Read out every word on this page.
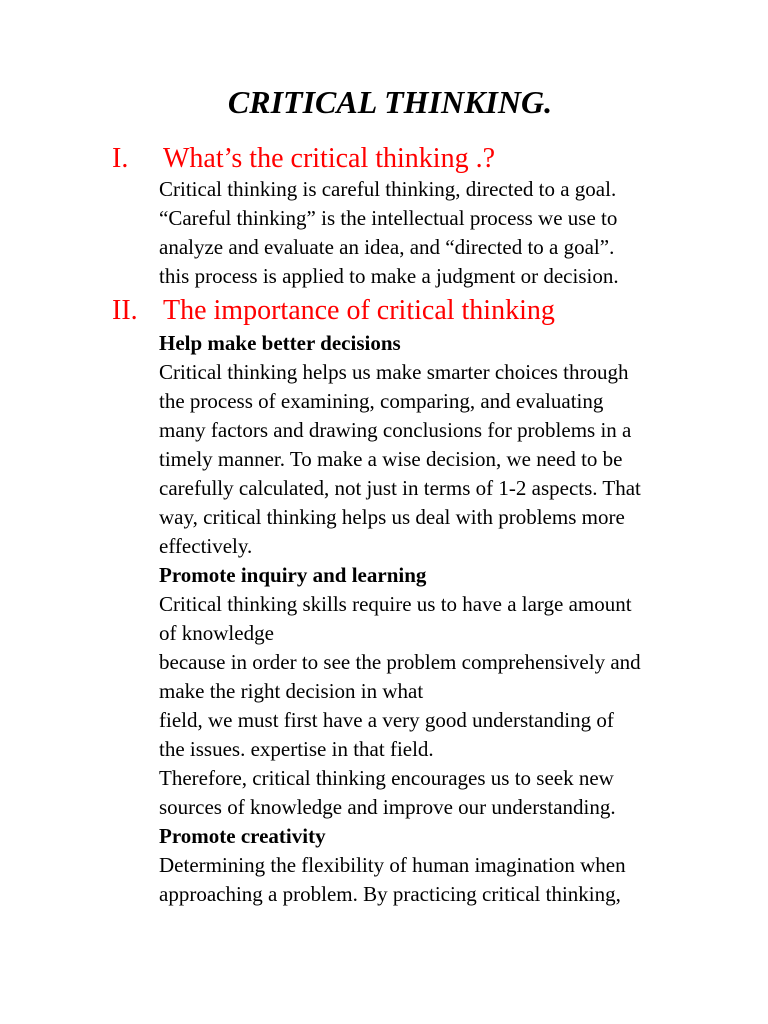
CRITICAL THINKING.
I. What’s the critical thinking .?
Critical thinking is careful thinking, directed to a goal.
“Careful thinking” is the intellectual process we use to
analyze and evaluate an idea, and “directed to a goal”.
this process is applied to make a judgment or decision.
II. The importance of critical thinking
Help make better decisions
Critical thinking helps us make smarter choices through
the process of examining, comparing, and evaluating
many factors and drawing conclusions for problems in a
timely manner. To make a wise decision, we need to be
carefully calculated, not just in terms of 1-2 aspects. That
way, critical thinking helps us deal with problems more
effectively.
Promote inquiry and learning
Critical thinking skills require us to have a large amount
of knowledge
because in order to see the problem comprehensively and
make the right decision in what
field, we must first have a very good understanding of
the issues. expertise in that field.
Therefore, critical thinking encourages us to seek new
sources of knowledge and improve our understanding.
Promote creativity
Determining the flexibility of human imagination when
approaching a problem. By practicing critical thinking,
